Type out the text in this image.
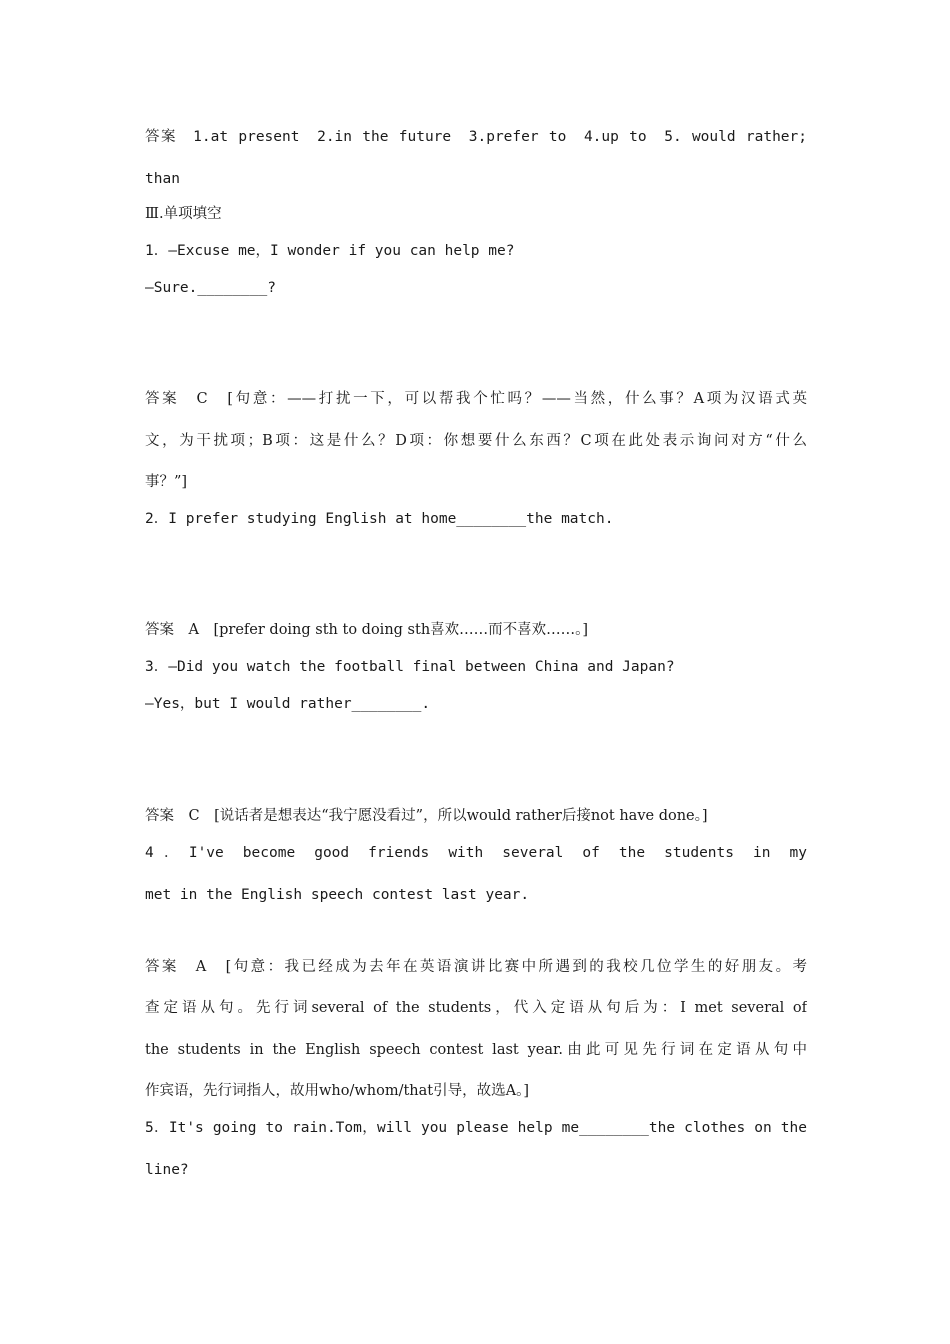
答案　1.at present　2.in the future　3.prefer to　4.up to　5. would rather;
than
Ⅲ.单项填空
1．—Excuse me，I wonder if you can help me?
—Sure.________?

答案　C　[句意：——打扰一下，可以帮我个忙吗？——当然，什么事？A项为汉语式英
文，为干扰项；B项：这是什么？D项：你想要什么东西？C项在此处表示询问对方“什么
事？”]
2．I prefer studying English at home________the match.

答案　A　[prefer doing sth to doing sth喜欢……而不喜欢……。]
3．—Did you watch the football final between China and Japan?
—Yes，but I would rather________.

答案　C　[说话者是想表达“我宁愿没看过”，所以would rather后接not have done。]
4．I've become good friends with several of the students in my
met in the English speech contest last year.

答案　A　[句意：我已经成为去年在英语演讲比赛中所遇到的我校几位学生的好朋友。考
查定语从句。先行词several of the students，代入定语从句后为：I met several of
the students in the English speech contest last year.由此可见先行词在定语从句中
作宾语，先行词指人，故用who/whom/that引导，故选A。]
5．It's going to rain.Tom，will you please help me________the clothes on the
line?
